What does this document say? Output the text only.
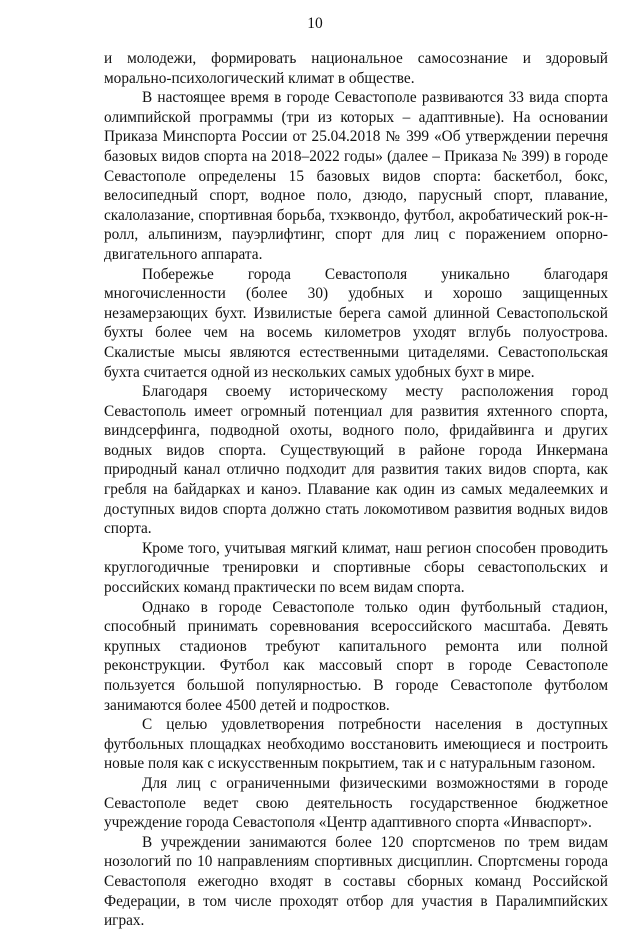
10

и молодежи, формировать национальное самосознание и здоровый морально-психологический климат в обществе.

В настоящее время в городе Севастополе развиваются 33 вида спорта олимпийской программы (три из которых – адаптивные). На основании Приказа Минспорта России от 25.04.2018 № 399 «Об утверждении перечня базовых видов спорта на 2018–2022 годы» (далее – Приказа № 399) в городе Севастополе определены 15 базовых видов спорта: баскетбол, бокс, велосипедный спорт, водное поло, дзюдо, парусный спорт, плавание, скалолазание, спортивная борьба, тхэквондо, футбол, акробатический рок-н-ролл, альпинизм, пауэрлифтинг, спорт для лиц с поражением опорно-двигательного аппарата.

Побережье города Севастополя уникально благодаря многочисленности (более 30) удобных и хорошо защищенных незамерзающих бухт. Извилистые берега самой длинной Севастопольской бухты более чем на восемь километров уходят вглубь полуострова. Скалистые мысы являются естественными цитаделями. Севастопольская бухта считается одной из нескольких самых удобных бухт в мире.

Благодаря своему историческому месту расположения город Севастополь имеет огромный потенциал для развития яхтенного спорта, виндсерфинга, подводной охоты, водного поло, фридайвинга и других водных видов спорта. Существующий в районе города Инкермана природный канал отлично подходит для развития таких видов спорта, как гребля на байдарках и каноэ. Плавание как один из самых медалеемких и доступных видов спорта должно стать локомотивом развития водных видов спорта.

Кроме того, учитывая мягкий климат, наш регион способен проводить круглогодичные тренировки и спортивные сборы севастопольских и российских команд практически по всем видам спорта.

Однако в городе Севастополе только один футбольный стадион, способный принимать соревнования всероссийского масштаба. Девять крупных стадионов требуют капитального ремонта или полной реконструкции. Футбол как массовый спорт в городе Севастополе пользуется большой популярностью. В городе Севастополе футболом занимаются более 4500 детей и подростков.

С целью удовлетворения потребности населения в доступных футбольных площадках необходимо восстановить имеющиеся и построить новые поля как с искусственным покрытием, так и с натуральным газоном.

Для лиц с ограниченными физическими возможностями в городе Севастополе ведет свою деятельность государственное бюджетное учреждение города Севастополя «Центр адаптивного спорта «Инваспорт».

В учреждении занимаются более 120 спортсменов по трем видам нозологий по 10 направлениям спортивных дисциплин. Спортсмены города Севастополя ежегодно входят в составы сборных команд Российской Федерации, в том числе проходят отбор для участия в Паралимпийских играх.
